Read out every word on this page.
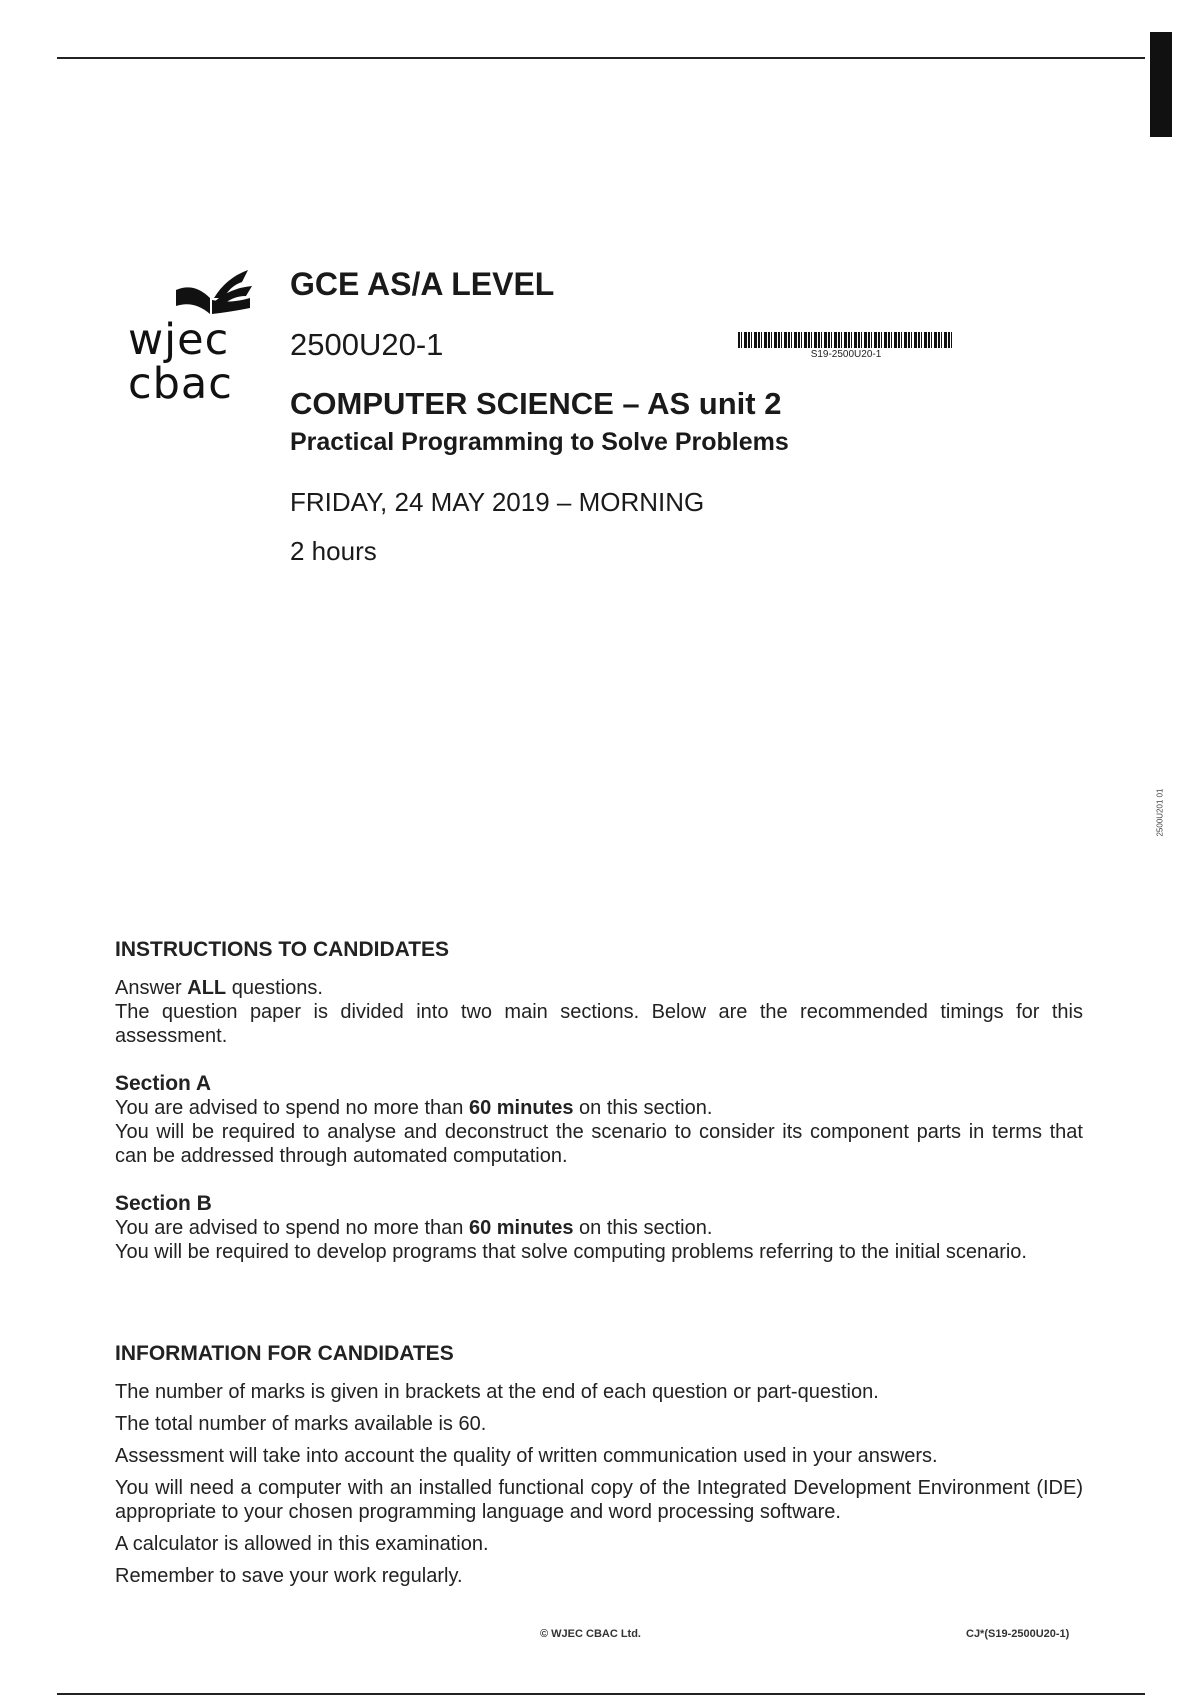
wjec
cbac
GCE AS/A LEVEL
2500U20-1	S19-2500U20-1
COMPUTER SCIENCE – AS unit 2
Practical Programming to Solve Problems
FRIDAY, 24 MAY 2019 – MORNING
2 hours
2500U201 01
INSTRUCTIONS TO CANDIDATES

Answer ALL questions.

The question paper is divided into two main sections. Below are the recommended timings for this assessment.

Section A

You are advised to spend no more than 60 minutes on this section.

You will be required to analyse and deconstruct the scenario to consider its component parts in terms that can be addressed through automated computation.

Section B

You are advised to spend no more than 60 minutes on this section.

You will be required to develop programs that solve computing problems referring to the initial scenario.

INFORMATION FOR CANDIDATES

The number of marks is given in brackets at the end of each question or part-question.

The total number of marks available is 60.

Assessment will take into account the quality of written communication used in your answers.

You will need a computer with an installed functional copy of the Integrated Development Environment (IDE) appropriate to your chosen programming language and word processing software.

A calculator is allowed in this examination.

Remember to save your work regularly.

© WJEC CBAC Ltd.	CJ*(S19-2500U20-1)
